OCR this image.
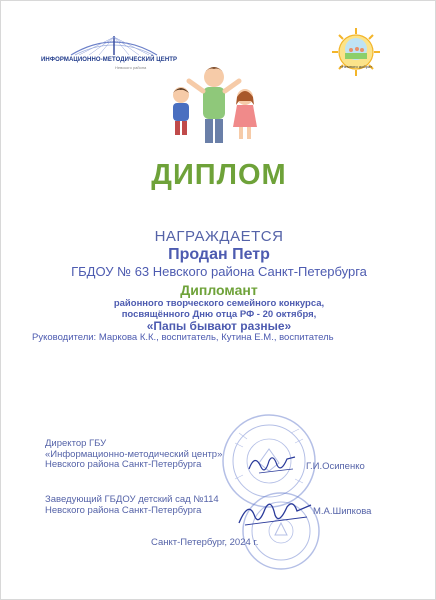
ИНФОРМАЦИОННО-МЕТОДИЧЕСКИЙ ЦЕНТР
Невского района	«Немного добра»
ДИПЛОМ
НАГРАЖДАЕТСЯ
Продан Петр
ГБДОУ № 63 Невского района Санкт-Петербурга
Дипломант
районного творческого семейного конкурса,
посвящённого Дню отца РФ - 20 октября,
«Папы бывают разные»
Руководители: Маркова К.К., воспитатель, Кутина Е.М., воспитатель
Директор ГБУ
«Информационно-методический центр»
Невского района Санкт-Петербурга	Г.И.Осипенко
Заведующий ГБДОУ детский сад №114
Невского района Санкт-Петербурга	М.А.Шипкова
Санкт-Петербург, 2024 г.
